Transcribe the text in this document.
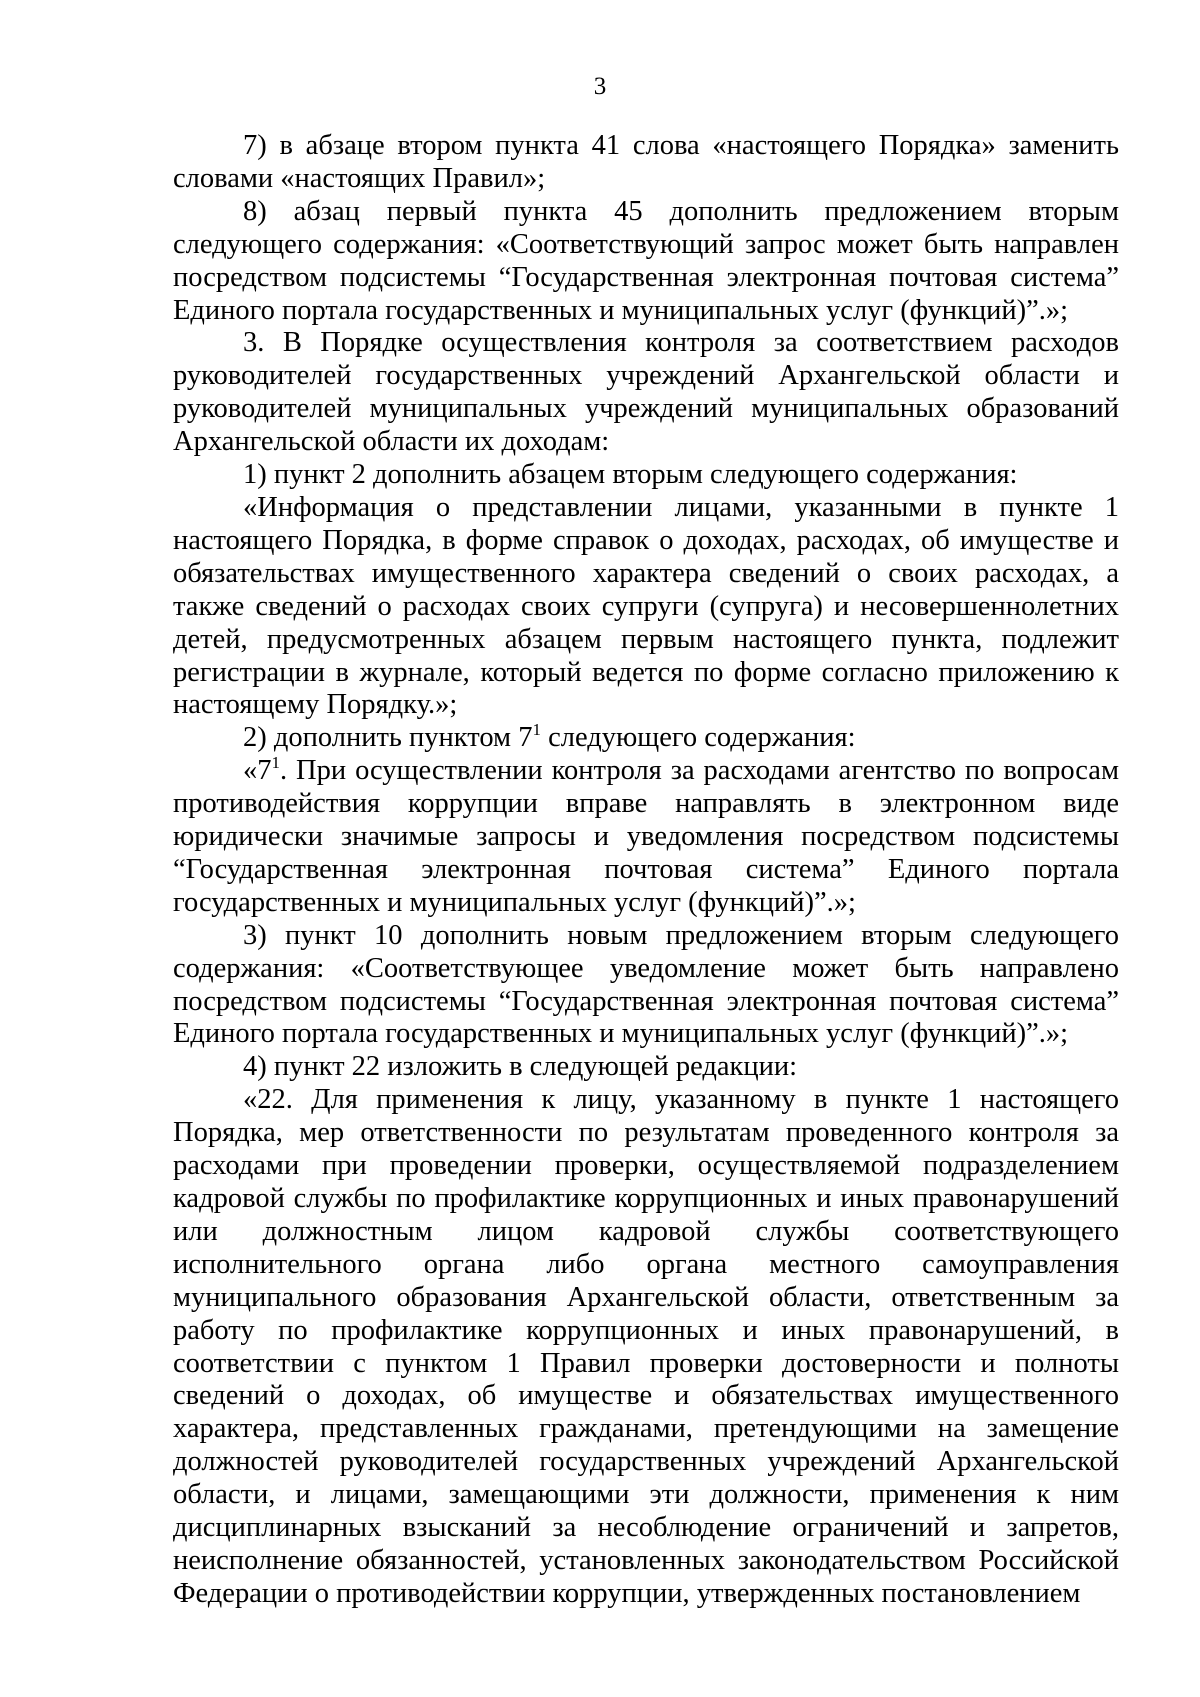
3

7) в абзаце втором пункта 41 слова «настоящего Порядка» заменить словами «настоящих Правил»;

8) абзац первый пункта 45 дополнить предложением вторым следующего содержания: «Соответствующий запрос может быть направлен посредством подсистемы “Государственная электронная почтовая система” Единого портала государственных и муниципальных услуг (функций)”.»;

3. В Порядке осуществления контроля за соответствием расходов руководителей государственных учреждений Архангельской области и руководителей муниципальных учреждений муниципальных образований Архангельской области их доходам:

1) пункт 2 дополнить абзацем вторым следующего содержания:

«Информация о представлении лицами, указанными в пункте 1 настоящего Порядка, в форме справок о доходах, расходах, об имуществе и обязательствах имущественного характера сведений о своих расходах, а также сведений о расходах своих супруги (супруга) и несовершеннолетних детей, предусмотренных абзацем первым настоящего пункта, подлежит регистрации в журнале, который ведется по форме согласно приложению к настоящему Порядку.»;

2) дополнить пунктом $7^1$ следующего содержания:

«$7^1$. При осуществлении контроля за расходами агентство по вопросам противодействия коррупции вправе направлять в электронном виде юридически значимые запросы и уведомления посредством подсистемы “Государственная электронная почтовая система” Единого портала государственных и муниципальных услуг (функций)”.»;

3) пункт 10 дополнить новым предложением вторым следующего содержания: «Соответствующее уведомление может быть направлено посредством подсистемы “Государственная электронная почтовая система” Единого портала государственных и муниципальных услуг (функций)”.»;

4) пункт 22 изложить в следующей редакции:

«22. Для применения к лицу, указанному в пункте 1 настоящего Порядка, мер ответственности по результатам проведенного контроля за расходами при проведении проверки, осуществляемой подразделением кадровой службы по профилактике коррупционных и иных правонарушений или должностным лицом кадровой службы соответствующего исполнительного органа либо органа местного самоуправления муниципального образования Архангельской области, ответственным за работу по профилактике коррупционных и иных правонарушений, в соответствии с пунктом 1 Правил проверки достоверности и полноты сведений о доходах, об имуществе и обязательствах имущественного характера, представленных гражданами, претендующими на замещение должностей руководителей государственных учреждений Архангельской области, и лицами, замещающими эти должности, применения к ним дисциплинарных взысканий за несоблюдение ограничений и запретов, неисполнение обязанностей, установленных законодательством Российской Федерации о противодействии коррупции, утвержденных постановлением
